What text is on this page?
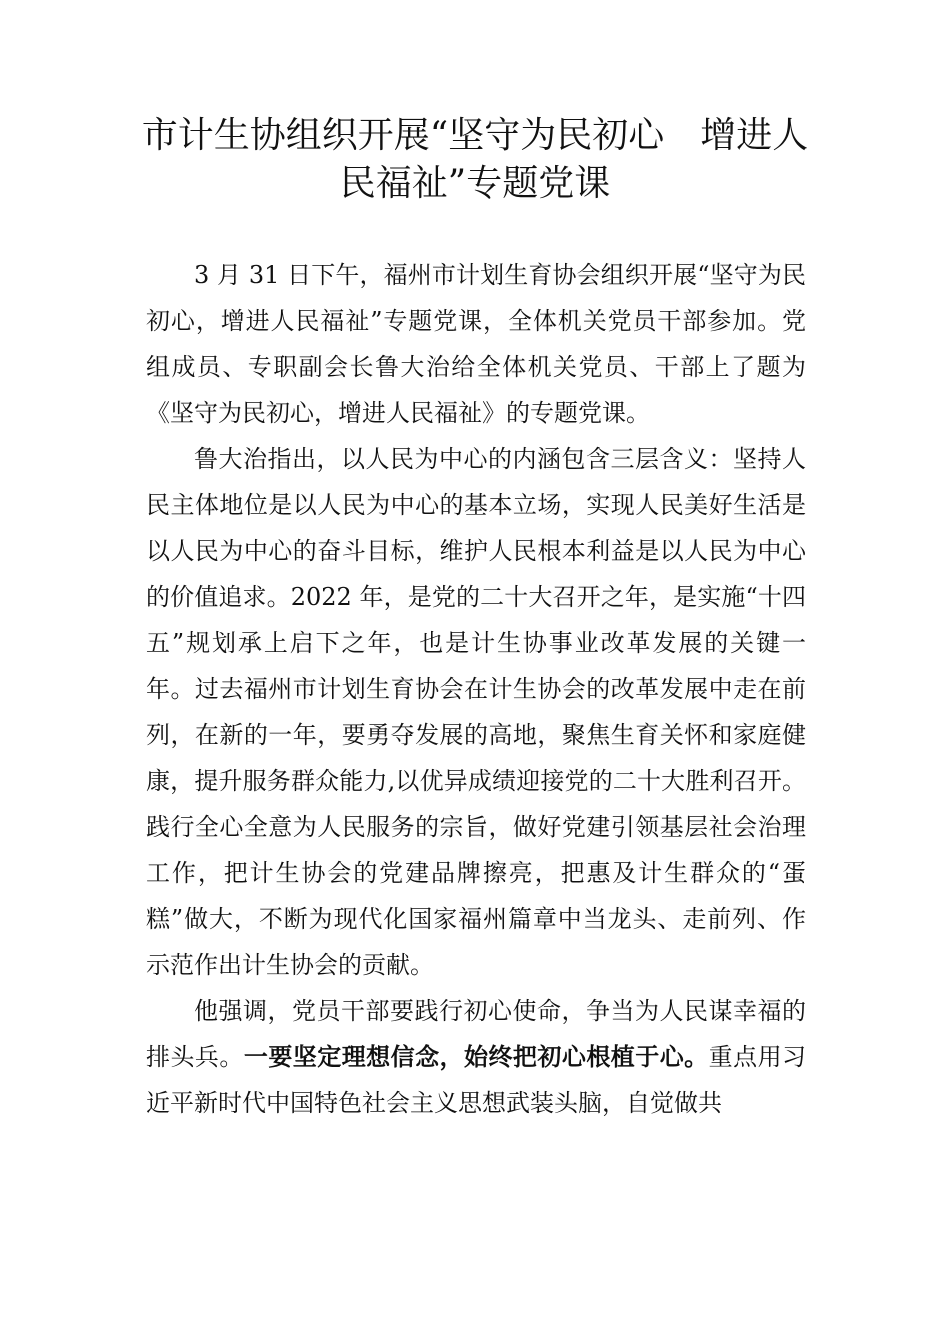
市计生协组织开展“坚守为民初心　增进人民福祉”专题党课

3 月 31 日下午，福州市计划生育协会组织开展“坚守为民初心，增进人民福祉”专题党课，全体机关党员干部参加。党组成员、专职副会长鲁大治给全体机关党员、干部上了题为《坚守为民初心，增进人民福祉》的专题党课。

鲁大治指出，以人民为中心的内涵包含三层含义：坚持人民主体地位是以人民为中心的基本立场，实现人民美好生活是以人民为中心的奋斗目标，维护人民根本利益是以人民为中心的价值追求。2022 年，是党的二十大召开之年，是实施“十四五”规划承上启下之年，也是计生协事业改革发展的关键一年。过去福州市计划生育协会在计生协会的改革发展中走在前列，在新的一年，要勇夺发展的高地，聚焦生育关怀和家庭健康，提升服务群众能力,以优异成绩迎接党的二十大胜利召开。践行全心全意为人民服务的宗旨，做好党建引领基层社会治理工作，把计生协会的党建品牌擦亮，把惠及计生群众的“蛋糕”做大，不断为现代化国家福州篇章中当龙头、走前列、作示范作出计生协会的贡献。

他强调，党员干部要践行初心使命，争当为人民谋幸福的排头兵。一要坚定理想信念，始终把初心根植于心。重点用习近平新时代中国特色社会主义思想武装头脑，自觉做共
